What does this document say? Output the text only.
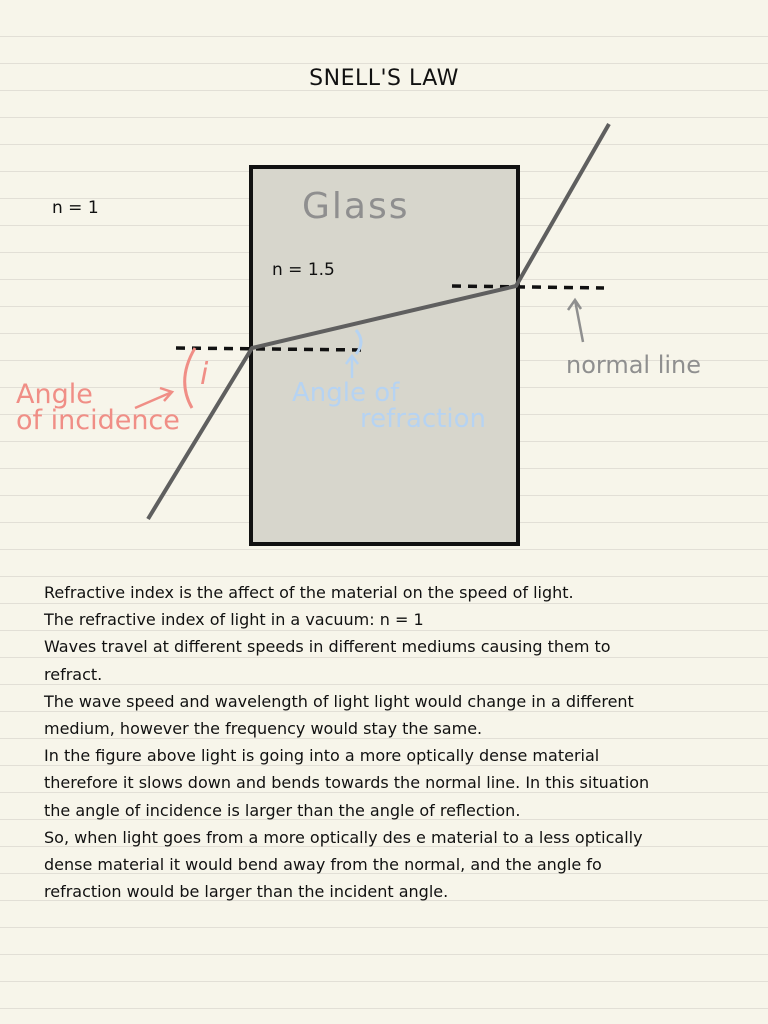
SNELL'S LAW
n = 1	Glass
n = 1.5
Angle
of incidence
i
Angle of
refraction
normal line

Refractive index is the affect of the material on the speed of light.

The refractive index of light in a vacuum: n = 1

Waves travel at different speeds in different mediums causing them to

refract.

The wave speed and wavelength of light light would change in a different

medium, however the frequency would stay the same.

In the figure above light is going into a more optically dense material

therefore it slows down and bends towards the normal line. In this situation

the angle of incidence is larger than the angle of reflection.

So, when light goes from a more optically des e material to a less optically

dense material it would bend away from the normal, and the angle fo

refraction would be larger than the incident angle.
